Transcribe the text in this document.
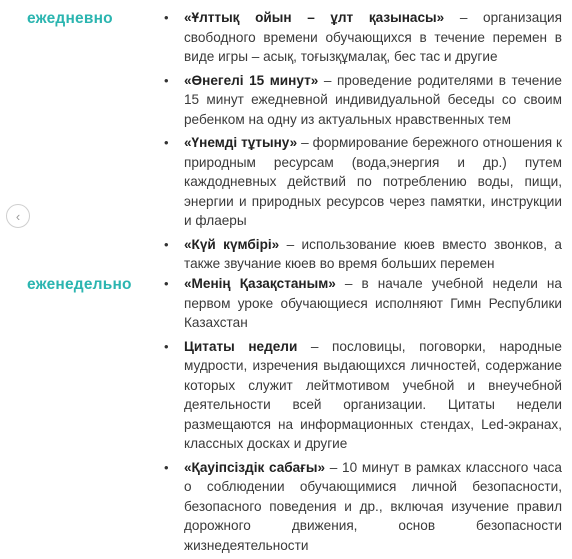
ежедневно	• «Ұлттық ойын – ұлт қазынасы» – организация свободного времени обучающихся в течение перемен в виде игры – асық, тоғызқұмалақ, бес тас и другие
• «Өнегелі 15 минут» – проведение родителями в течение 15 минут ежедневной индивидуальной беседы со своим ребенком на одну из актуальных нравственных тем
• «Үнемді тұтыну» – формирование бережного отношения к природным ресурсам (вода,энергия и др.) путем каждодневных действий по потреблению воды, пищи, энергии и природных ресурсов через памятки, инструкции и флаеры
• «Күй күмбірі» – использование кюев вместо звонков, а также звучание кюев во время больших перемен
‹
еженедельно • «Менің Қазақстаным» – в начале учебной недели на первом уроке обучающиеся исполняют Гимн Республики Казахстан
• Цитаты недели – пословицы, поговорки, народные мудрости, изречения выдающихся личностей, содержание которых служит лейтмотивом учебной и внеучебной деятельности всей организации. Цитаты недели размещаются на информационных стендах, Led-экранах, классных досках и другие
• «Қауіпсіздік сабағы» – 10 минут в рамках классного часа о соблюдении обучающимися личной безопасности, безопасного поведения и др., включая изучение правил дорожного движения, основ безопасности жизнедеятельности
